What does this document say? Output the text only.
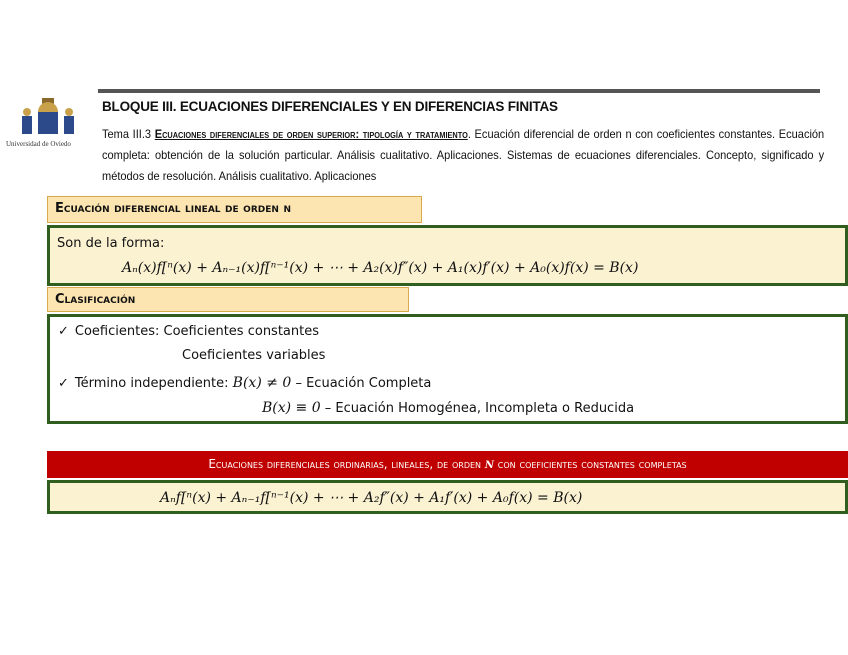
Universidad de Oviedo
BLOQUE III. ECUACIONES DIFERENCIALES Y EN DIFERENCIAS FINITAS
Tema III.3 Ecuaciones diferenciales de orden superior: tipología y tratamiento. Ecuación diferencial de orden n con coeficientes constantes. Ecuación completa: obtención de la solución particular. Análisis cualitativo. Aplicaciones. Sistemas de ecuaciones diferenciales. Concepto, significado y métodos de resolución. Análisis cualitativo. Aplicaciones
Ecuación diferencial lineal de orden n
Son de la forma:
Aₙ(x)f[ⁿ(x) + Aₙ₋₁(x)f[ⁿ⁻¹(x) + ⋯ + A₂(x)f″(x) + A₁(x)f′(x) + A₀(x)f(x) = B(x)
Clasificación
✓ Coeficientes: Coeficientes constantes
Coeficientes variables
✓ Término independiente: B(x) ≠ 0 – Ecuación Completa
B(x) ≡ 0 – Ecuación Homogénea, Incompleta o Reducida
Ecuaciones diferenciales ordinarias, lineales, de orden n con coeficientes constantes completas
Aₙf[ⁿ(x) + Aₙ₋₁f[ⁿ⁻¹(x) + ⋯ + A₂f″(x) + A₁f′(x) + A₀f(x) = B(x)
